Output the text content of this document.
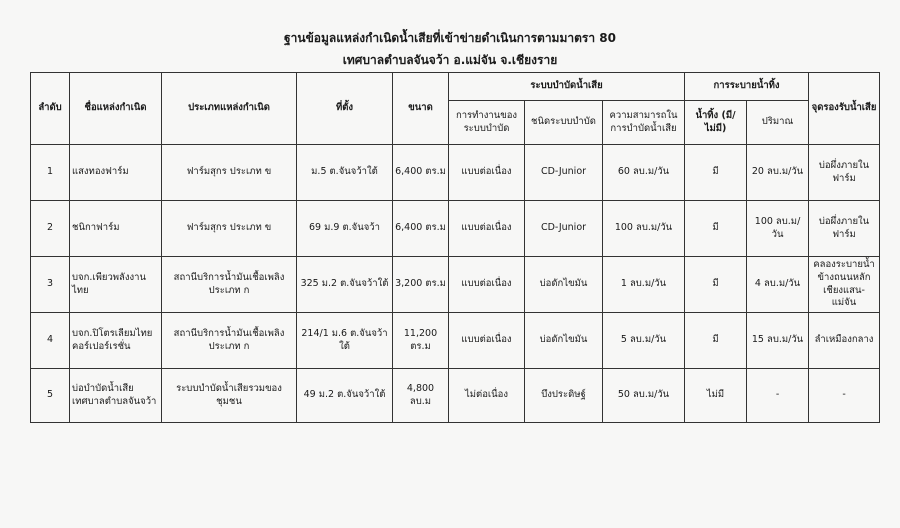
ฐานข้อมูลแหล่งกำเนิดน้ำเสียที่เข้าข่ายดำเนินการตามมาตรา 80
เทศบาลตำบลจันจว้า อ.แม่จัน จ.เชียงราย
ลำดับ	ชื่อแหล่งกำเนิด	ประเภทแหล่งกำเนิด	ที่ตั้ง	ขนาด	ระบบบำบัดน้ำเสีย			การระบายน้ำทิ้ง		จุดรองรับน้ำเสีย
					การทำงานของระบบบำบัด	ชนิดระบบบำบัด	ความสามารถในการบำบัดน้ำเสีย	น้ำทิ้ง (มี/ไม่มี)	ปริมาณ	
1	แสงทองฟาร์ม	ฟาร์มสุกร ประเภท ข	ม.5 ต.จันจว้าใต้	6,400 ตร.ม	แบบต่อเนื่อง	CD-Junior	60 ลบ.ม/วัน	มี	20 ลบ.ม/วัน	บ่อผึ่งภายในฟาร์ม
2	ชนิกาฟาร์ม	ฟาร์มสุกร ประเภท ข	69 ม.9 ต.จันจว้า	6,400 ตร.ม	แบบต่อเนื่อง	CD-Junior	100 ลบ.ม/วัน	มี	100 ลบ.ม/วัน	บ่อผึ่งภายในฟาร์ม
3	บจก.เพียวพลังงานไทย	สถานีบริการน้ำมันเชื้อเพลิง ประเภท ก	325 ม.2 ต.จันจว้าใต้	3,200 ตร.ม	แบบต่อเนื่อง	บ่อดักไขมัน	1 ลบ.ม/วัน	มี	4 ลบ.ม/วัน	คลองระบายน้ำข้างถนนหลักเชียงแสน-แม่จัน
4	บจก.ปิโตรเลียมไทยคอร์เปอร์เรชั่น	สถานีบริการน้ำมันเชื้อเพลิง ประเภท ก	214/1 ม.6 ต.จันจว้าใต้	11,200 ตร.ม	แบบต่อเนื่อง	บ่อดักไขมัน	5 ลบ.ม/วัน	มี	15 ลบ.ม/วัน	ลำเหมืองกลาง
5	บ่อบำบัดน้ำเสีย เทศบาลตำบลจันจว้า	ระบบบำบัดน้ำเสียรวมของชุมชน	49 ม.2 ต.จันจว้าใต้	4,800 ลบ.ม	ไม่ต่อเนื่อง	บึงประดิษฐ์	50 ลบ.ม/วัน	ไม่มี	-	-
